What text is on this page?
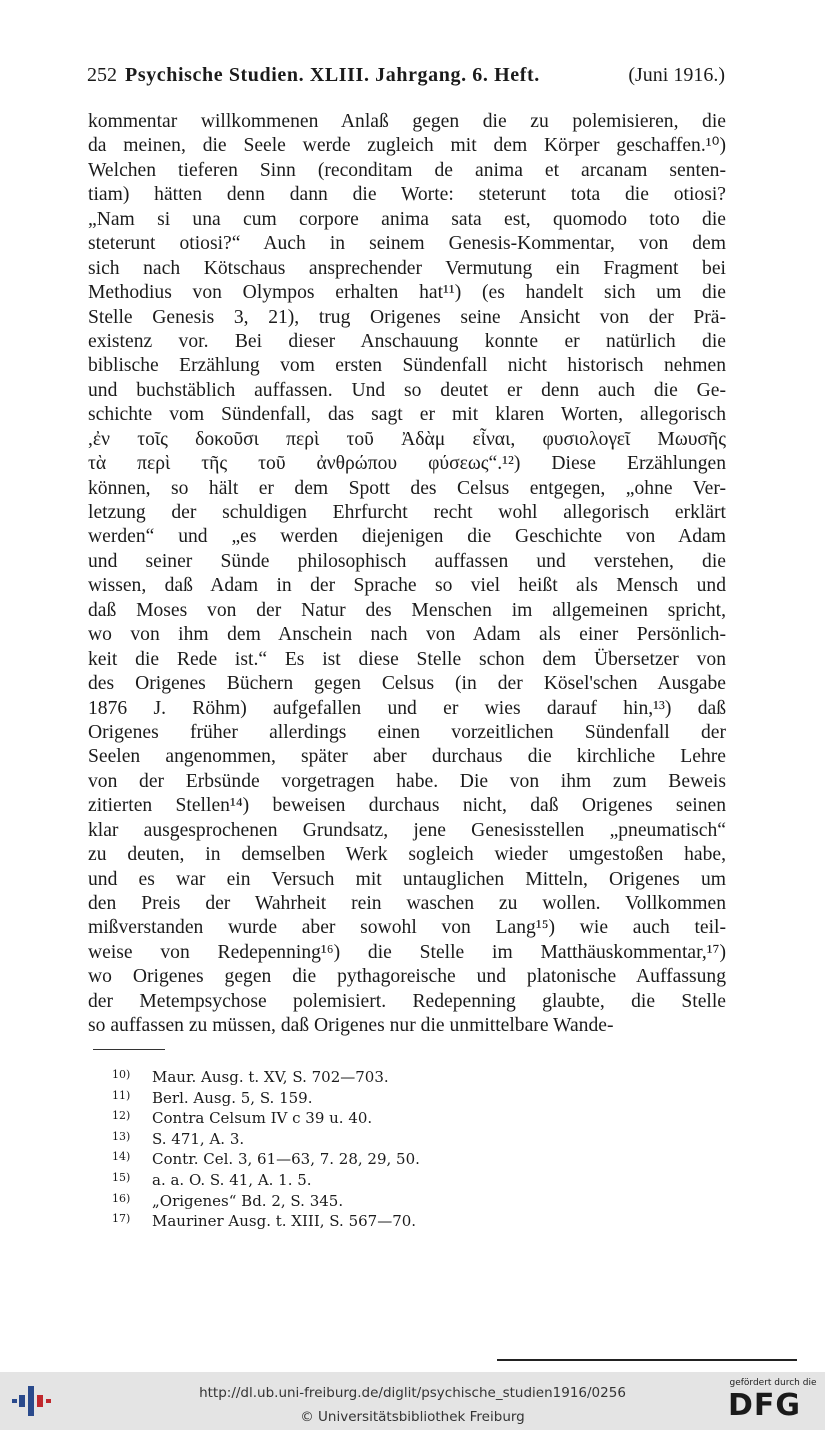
252 Psychische Studien. XLIII. Jahrgang. 6. Heft.	(Juni 1916.)
kommentar willkommenen Anlaß gegen die zu polemisieren, die
da meinen, die Seele werde zugleich mit dem Körper geschaffen.¹⁰)
Welchen tieferen Sinn (reconditam de anima et arcanam senten-
tiam) hätten denn dann die Worte: steterunt tota die otiosi?
„Nam si una cum corpore anima sata est, quomodo toto die
steterunt otiosi?“ Auch in seinem Genesis-Kommentar, von dem
sich nach Kötschaus ansprechender Vermutung ein Fragment bei
Methodius von Olympos erhalten hat¹¹) (es handelt sich um die
Stelle Genesis 3, 21), trug Origenes seine Ansicht von der Prä-
existenz vor. Bei dieser Anschauung konnte er natürlich die
biblische Erzählung vom ersten Sündenfall nicht historisch nehmen
und buchstäblich auffassen. Und so deutet er denn auch die Ge-
schichte vom Sündenfall, das sagt er mit klaren Worten, allegorisch
,ἐν τοῖς δοκοῦσι περὶ τοῦ Ἀδὰμ εἶναι, φυσιολογεῖ Μωυσῆς
τὰ περὶ τῆς τοῦ ἀνθρώπου φύσεως“.¹²) Diese Erzählungen
können, so hält er dem Spott des Celsus entgegen, „ohne Ver-
letzung der schuldigen Ehrfurcht recht wohl allegorisch erklärt
werden“ und „es werden diejenigen die Geschichte von Adam
und seiner Sünde philosophisch auffassen und verstehen, die
wissen, daß Adam in der Sprache so viel heißt als Mensch und
daß Moses von der Natur des Menschen im allgemeinen spricht,
wo von ihm dem Anschein nach von Adam als einer Persönlich-
keit die Rede ist.“ Es ist diese Stelle schon dem Übersetzer von
des Origenes Büchern gegen Celsus (in der Kösel'schen Ausgabe
1876 J. Röhm) aufgefallen und er wies darauf hin,¹³) daß
Origenes früher allerdings einen vorzeitlichen Sündenfall der
Seelen angenommen, später aber durchaus die kirchliche Lehre
von der Erbsünde vorgetragen habe. Die von ihm zum Beweis
zitierten Stellen¹⁴) beweisen durchaus nicht, daß Origenes seinen
klar ausgesprochenen Grundsatz, jene Genesisstellen „pneumatisch“
zu deuten, in demselben Werk sogleich wieder umgestoßen habe,
und es war ein Versuch mit untauglichen Mitteln, Origenes um
den Preis der Wahrheit rein waschen zu wollen. Vollkommen
mißverstanden wurde aber sowohl von Lang¹⁵) wie auch teil-
weise von Redepenning¹⁶) die Stelle im Matthäuskommentar,¹⁷)
wo Origenes gegen die pythagoreische und platonische Auffassung
der Metempsychose polemisiert. Redepenning glaubte, die Stelle
so auffassen zu müssen, daß Origenes nur die unmittelbare Wande-
10) Maur. Ausg. t. XV, S. 702—703.
11) Berl. Ausg. 5, S. 159.
12) Contra Celsum IV c 39 u. 40.
13) S. 471, A. 3.
14) Contr. Cel. 3, 61—63, 7. 28, 29, 50.
15) a. a. O. S. 41, A. 1. 5.
16) „Origenes“ Bd. 2, S. 345.
17) Mauriner Ausg. t. XIII, S. 567—70.
http://dl.ub.uni-freiburg.de/diglit/psychische_studien1916/0256
© Universitätsbibliothek Freiburg
gefördert durch die
DFG
